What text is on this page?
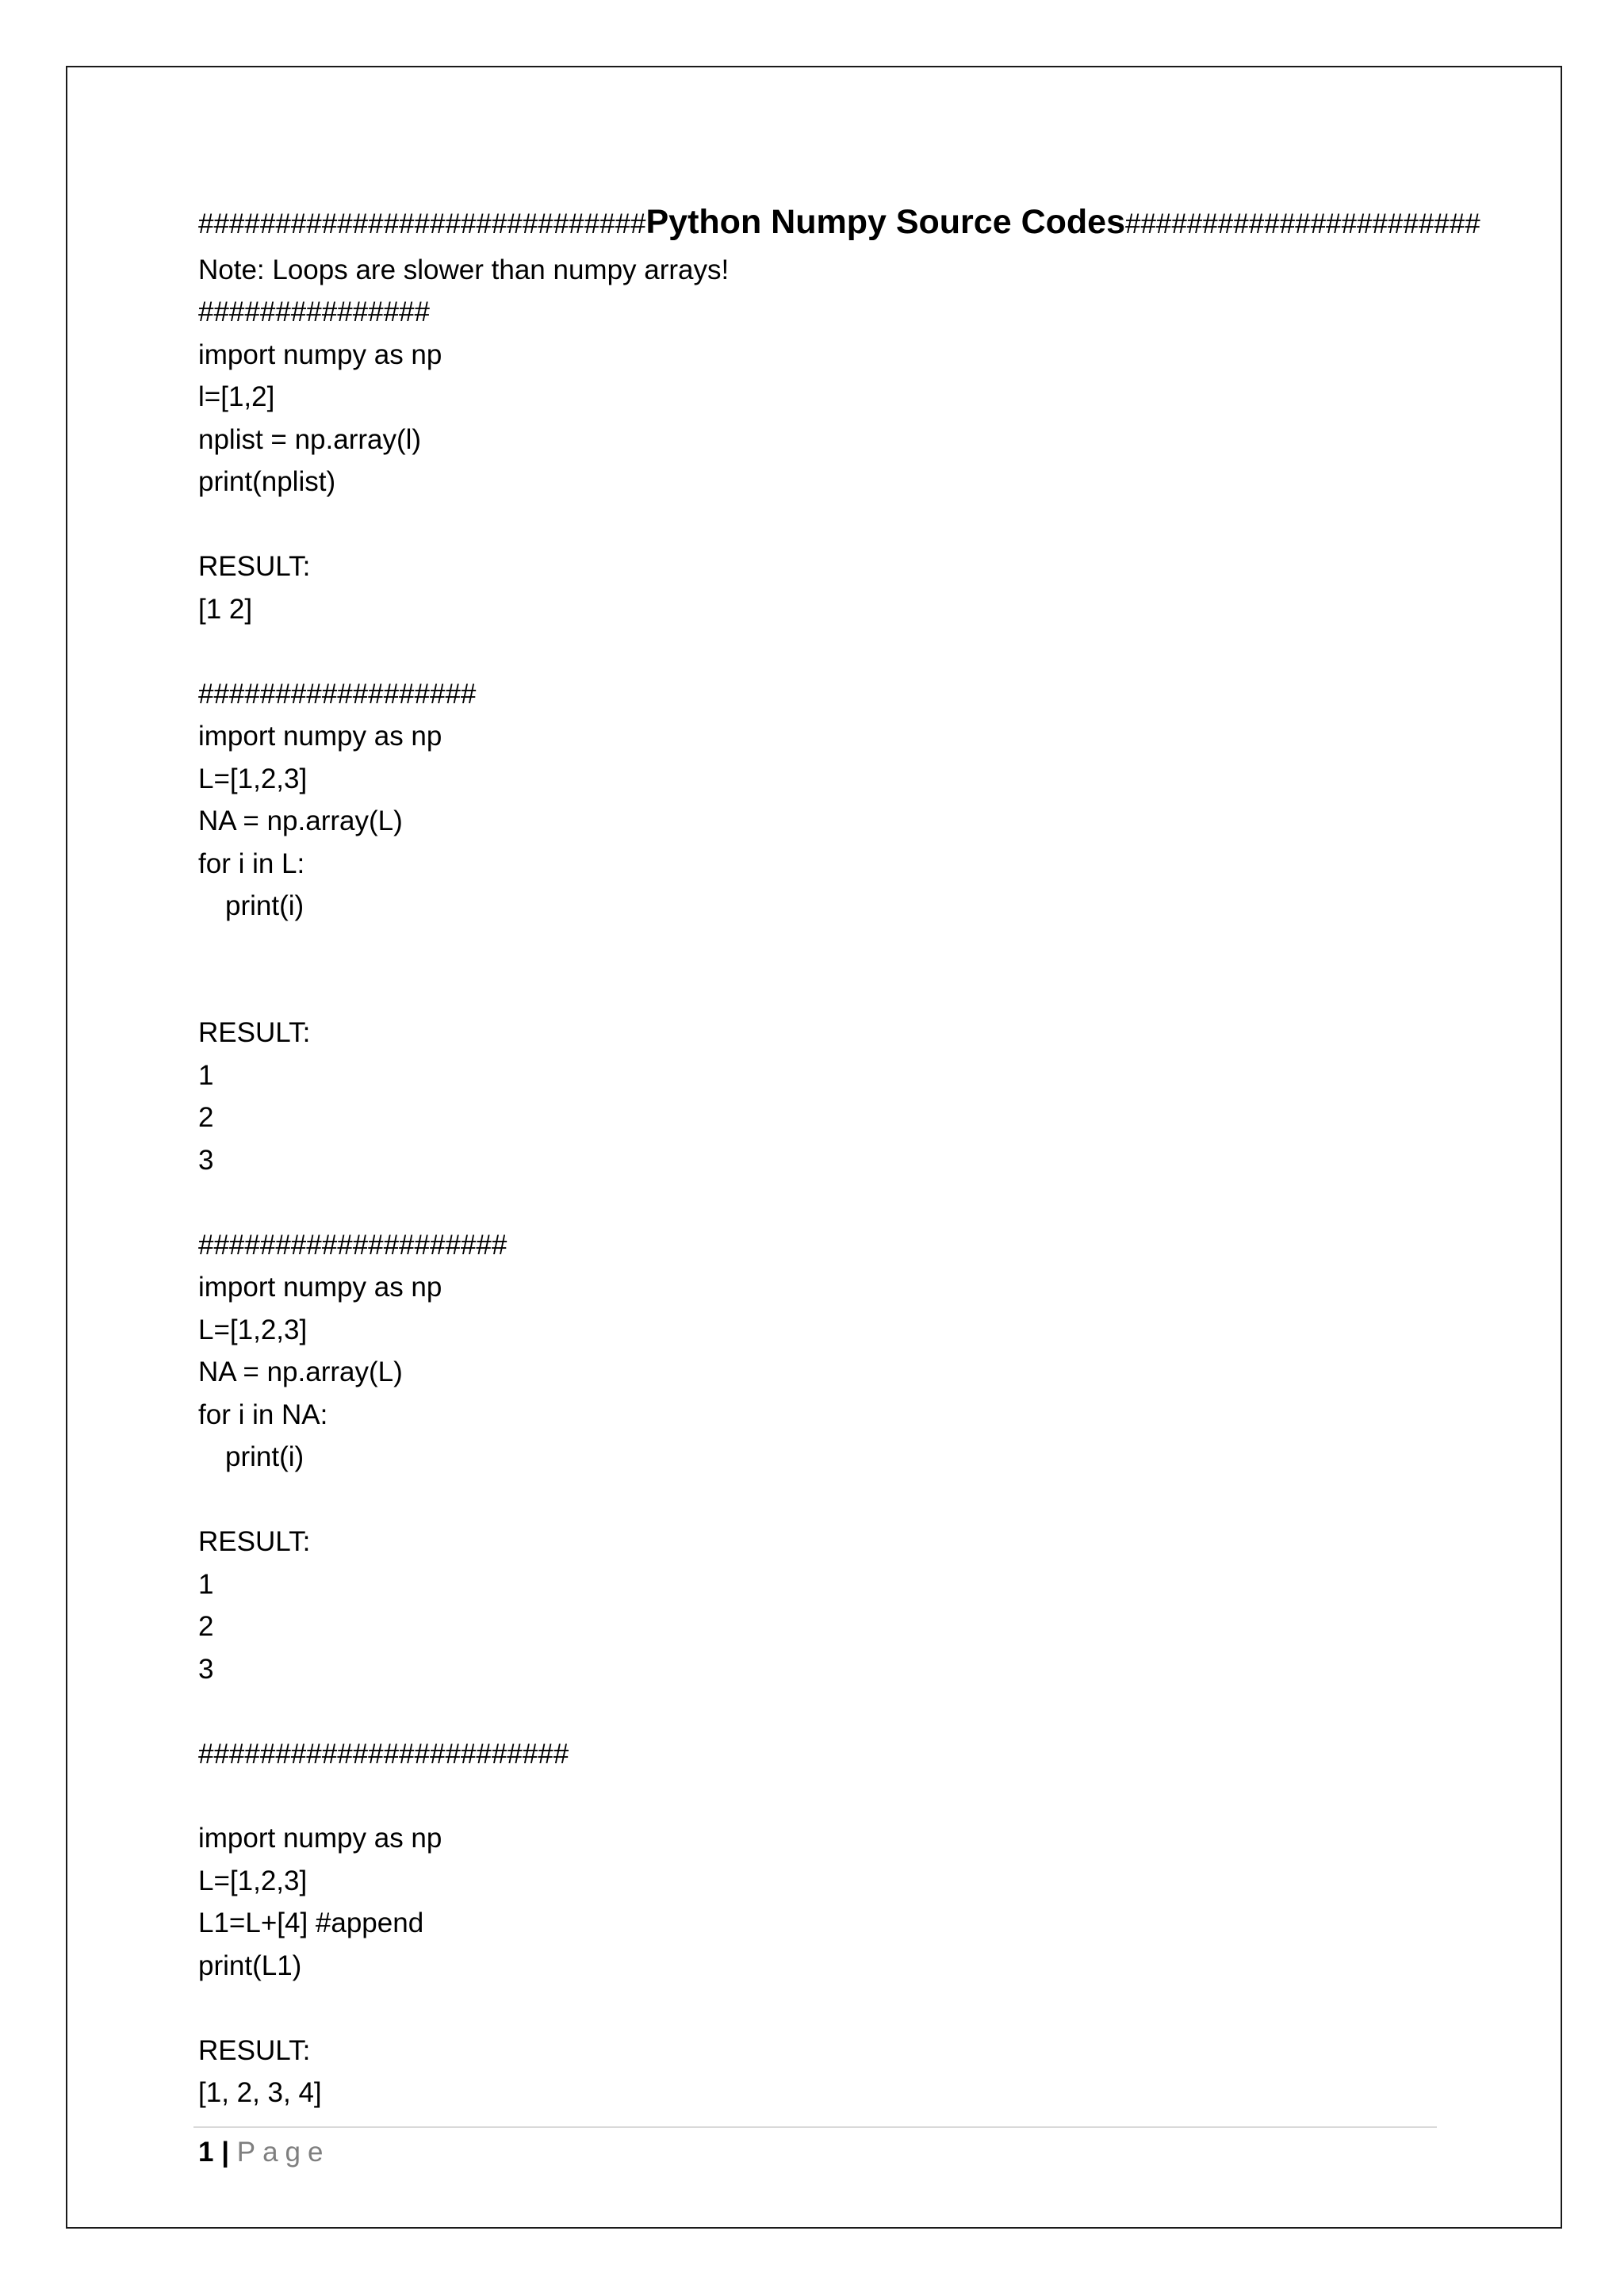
#############################Python Numpy Source Codes#######################
Note: Loops are slower than numpy arrays!
###############
import numpy as np
l=[1,2]
nplist = np.array(l)
print(nplist)
RESULT:
[1 2]
##################
import numpy as np
L=[1,2,3]
NA = np.array(L)
for i in L:
print(i)
RESULT:
1
2
3
####################
import numpy as np
L=[1,2,3]
NA = np.array(L)
for i in NA:
print(i)
RESULT:
1
2
3
########################
import numpy as np
L=[1,2,3]
L1=L+[4] #append
print(L1)
RESULT:
[1, 2, 3, 4]
1 | Page
